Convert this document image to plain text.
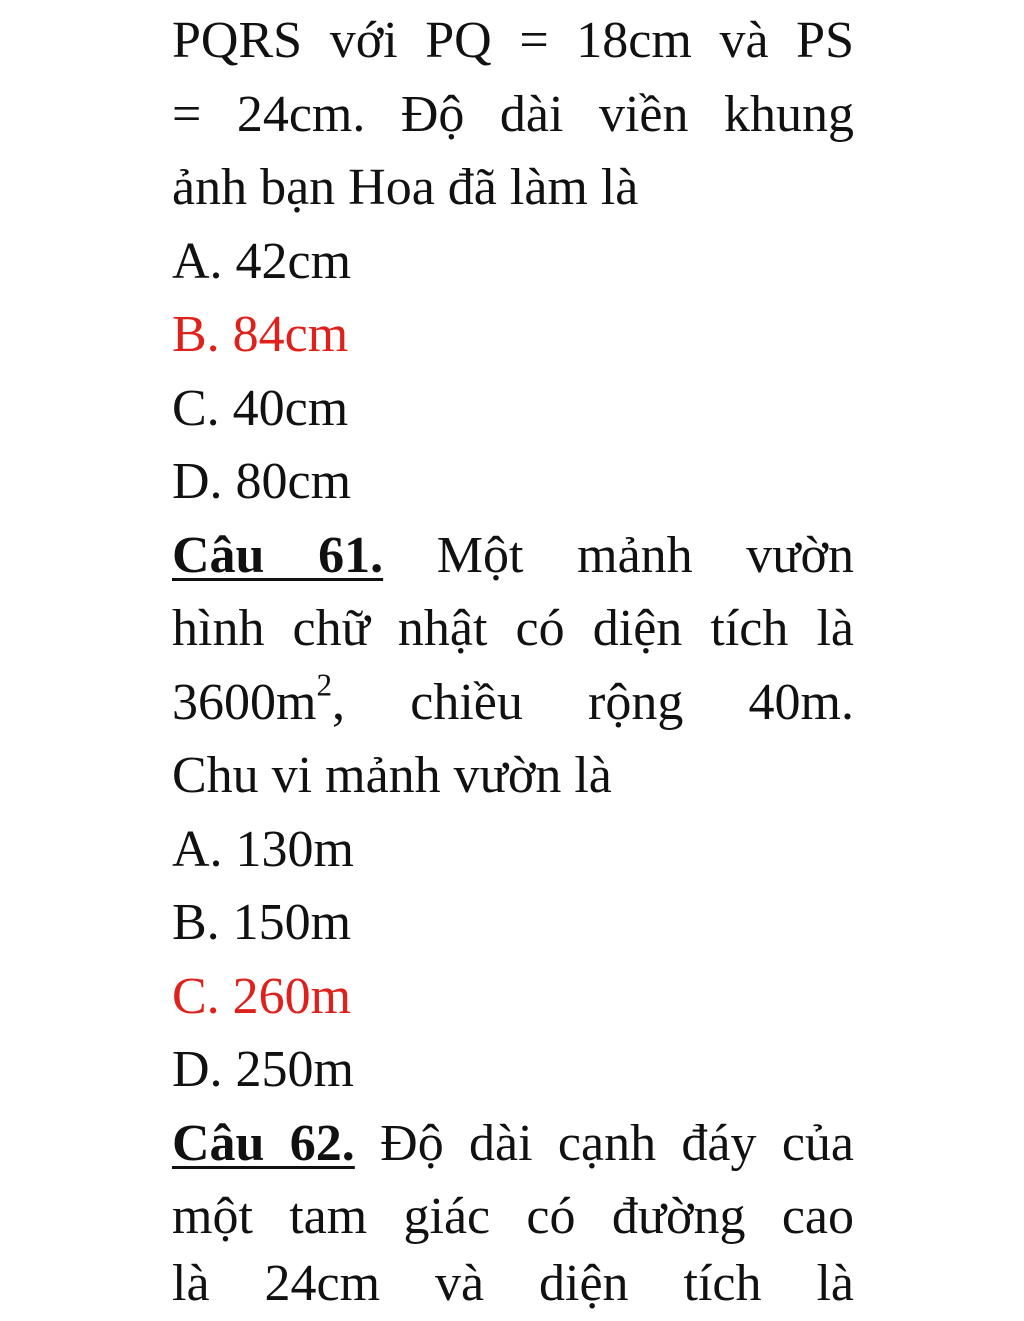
PQRS với PQ = 18cm và PS
= 24cm. Độ dài viền khung
ảnh bạn Hoa đã làm là
A. 42cm
B. 84cm
C. 40cm
D. 80cm
Câu 61. Một mảnh vườn
hình chữ nhật có diện tích là
$3600m^2$, chiều rộng 40m.
Chu vi mảnh vườn là
A. 130m
B. 150m
C. 260m
D. 250m
Câu 62. Độ dài cạnh đáy của
một tam giác có đường cao
là 24cm và diện tích là
